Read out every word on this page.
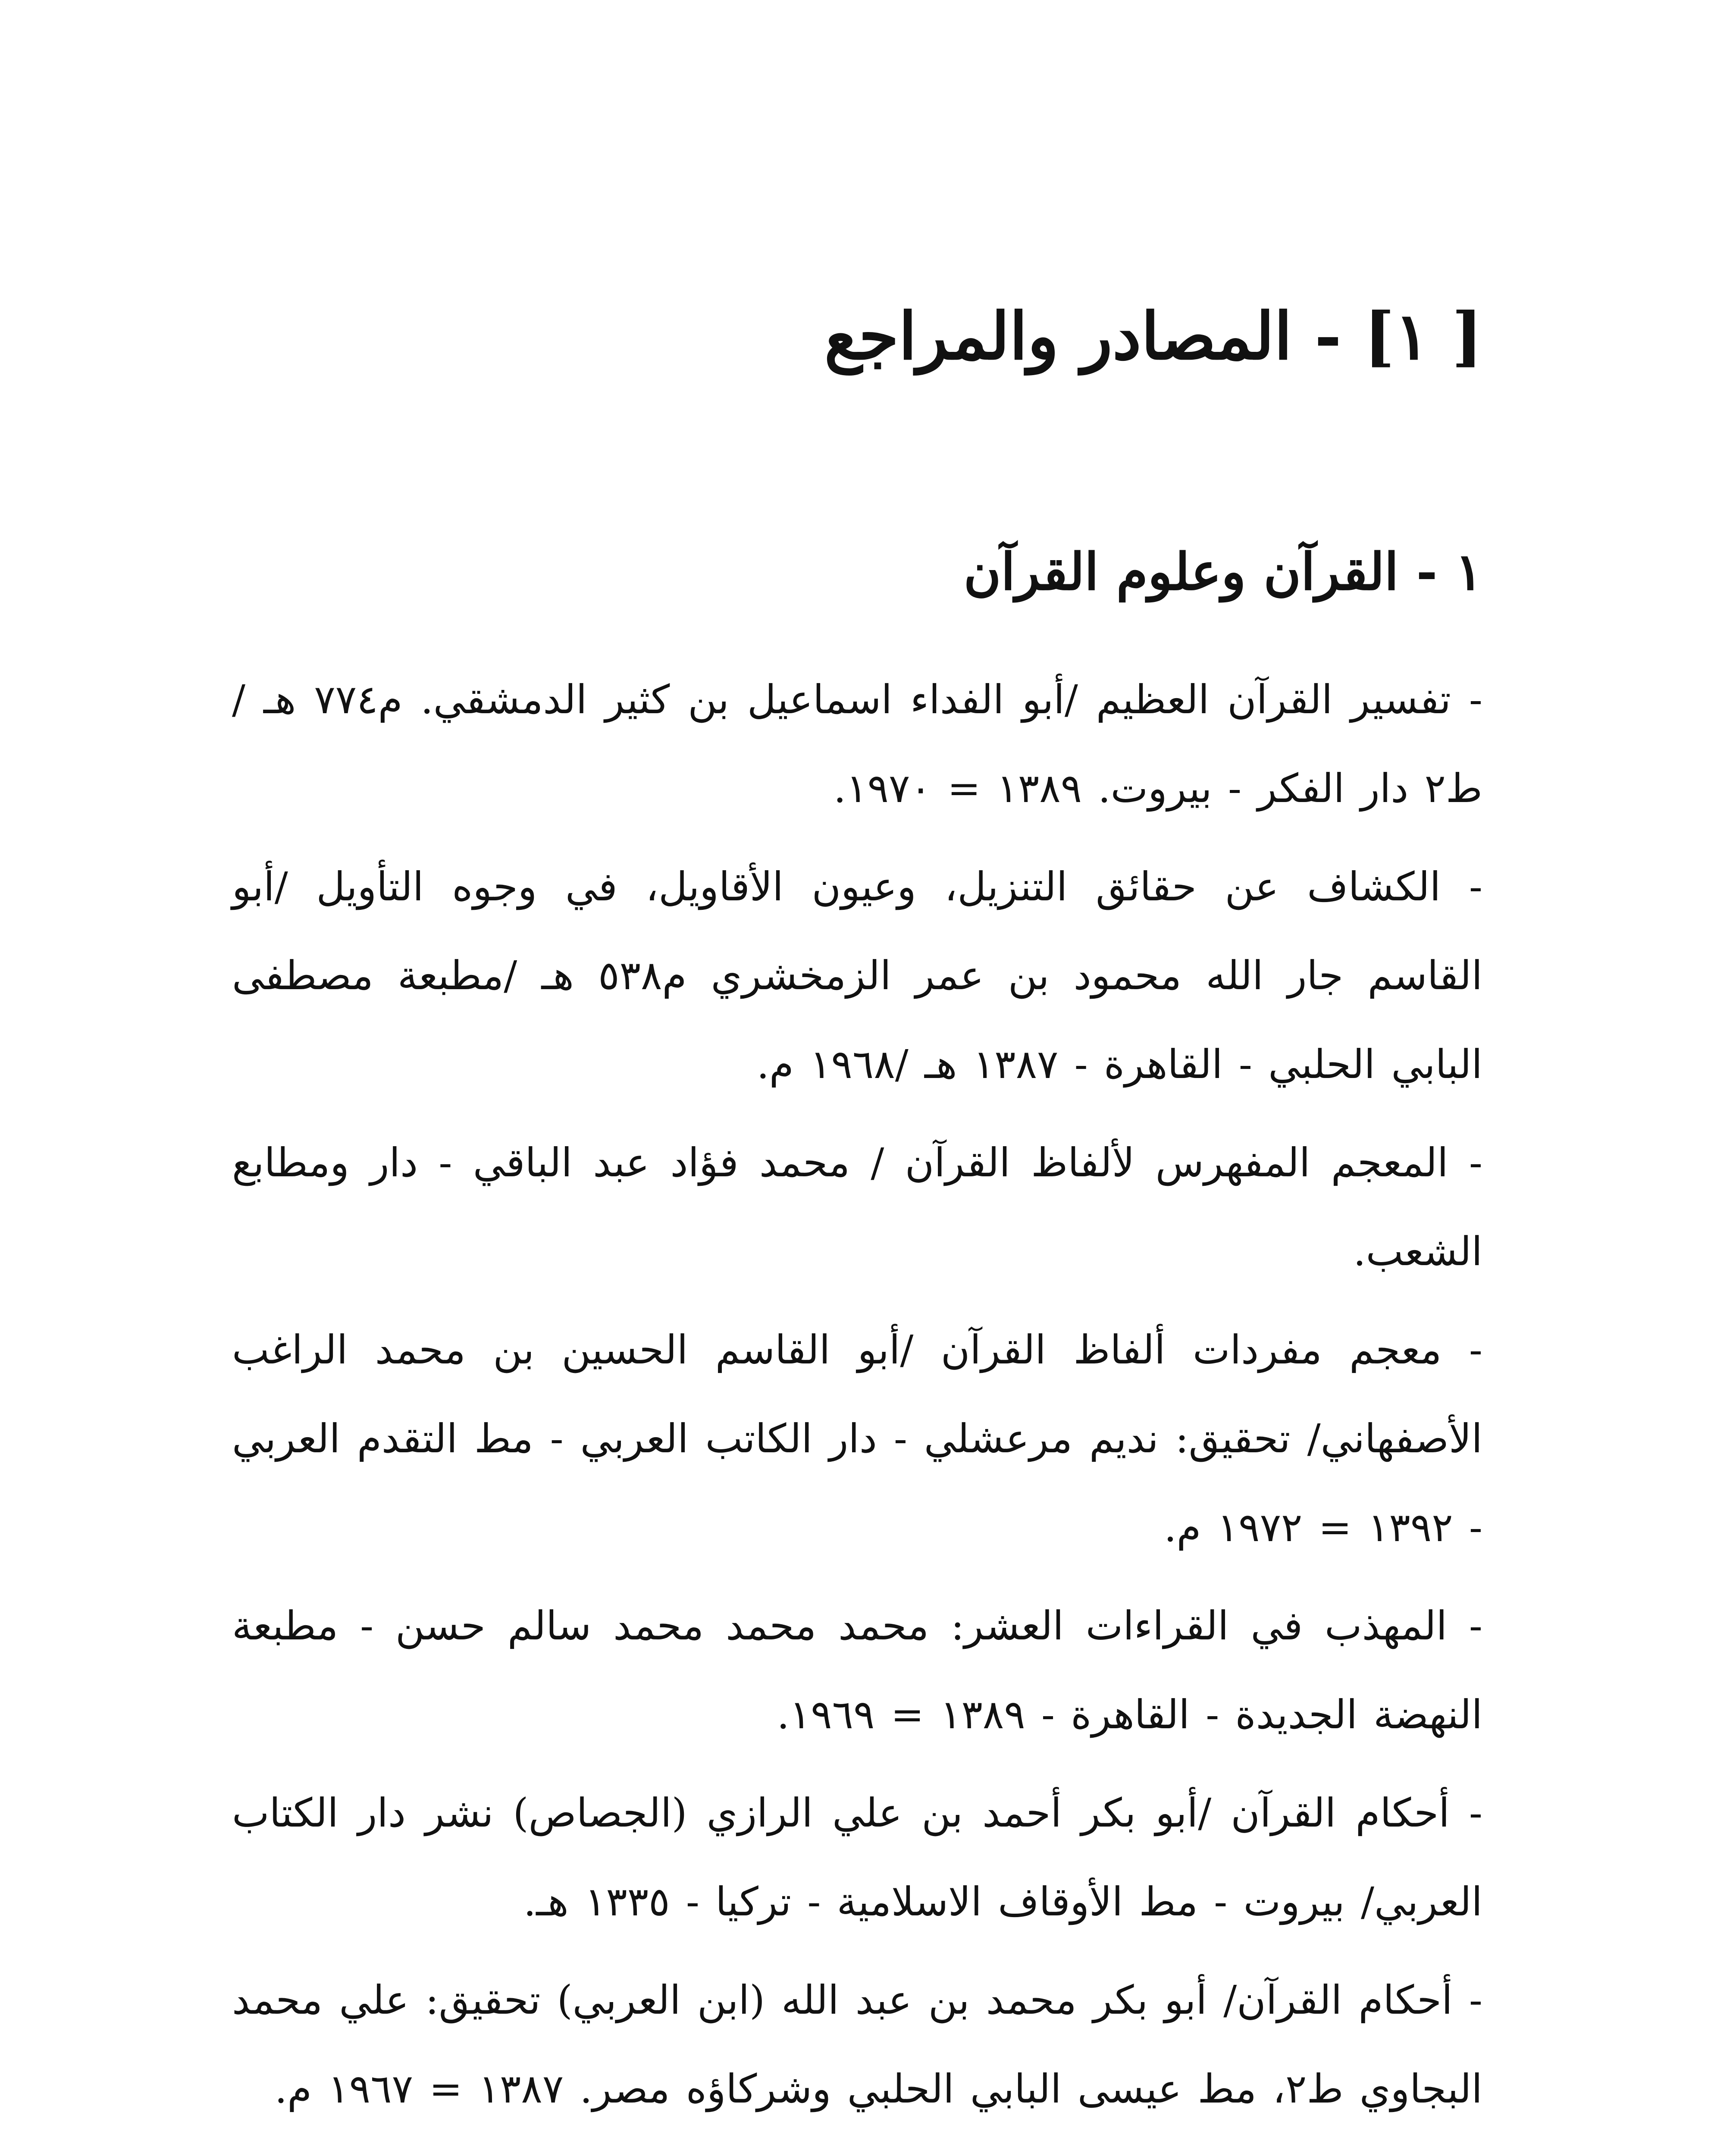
[ ١] - المصادر والمراجع
١ - القرآن وعلوم القرآن
- تفسير القرآن العظيم /أبو الفداء اسماعيل بن كثير الدمشقي. م٧٧٤ هـ /ط٢ دار الفكر - بيروت. ١٣٨٩ = ١٩٧٠.
- الكشاف عن حقائق التنزيل، وعيون الأقاويل، في وجوه التأويل /أبو القاسم جار الله محمود بن عمر الزمخشري م٥٣٨ هـ /مطبعة مصطفى البابي الحلبي - القاهرة - ١٣٨٧ هـ /١٩٦٨ م.
- المعجم المفهرس لألفاظ القرآن / محمد فؤاد عبد الباقي - دار ومطابع الشعب.
- معجم مفردات ألفاظ القرآن /أبو القاسم الحسين بن محمد الراغب الأصفهاني/ تحقيق: نديم مرعشلي - دار الكاتب العربي - مط التقدم العربي - ١٣٩٢ = ١٩٧٢ م.
- المهذب في القراءات العشر: محمد محمد محمد سالم حسن - مطبعة النهضة الجديدة - القاهرة - ١٣٨٩ = ١٩٦٩.
- أحكام القرآن /أبو بكر أحمد بن علي الرازي (الجصاص) نشر دار الكتاب العربي/ بيروت - مط الأوقاف الاسلامية - تركيا - ١٣٣٥ هـ.
- أحكام القرآن/ أبو بكر محمد بن عبد الله (ابن العربي) تحقيق: علي محمد البجاوي ط٢، مط عيسى البابي الحلبي وشركاؤه مصر. ١٣٨٧ = ١٩٦٧ م.
